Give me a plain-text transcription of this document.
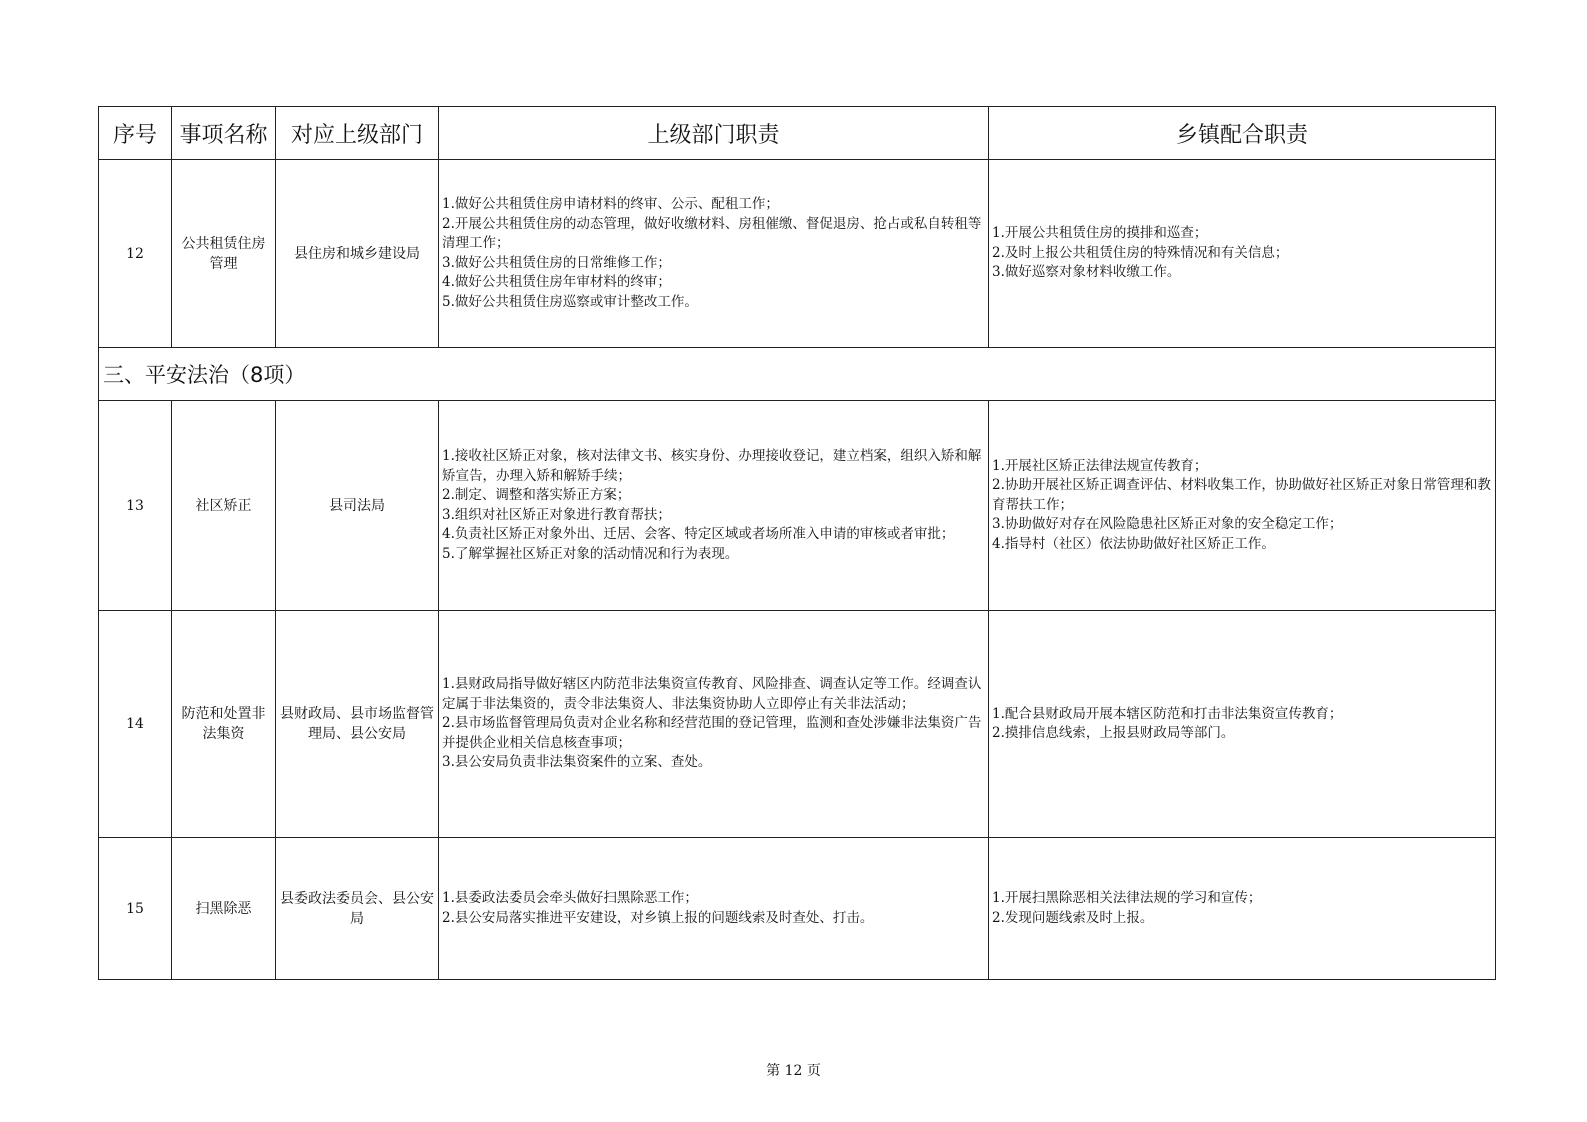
序号	事项名称	对应上级部门	上级部门职责	乡镇配合职责
12	公共租赁住房管理	县住房和城乡建设局	1.做好公共租赁住房申请材料的终审、公示、配租工作；
2.开展公共租赁住房的动态管理，做好收缴材料、房租催缴、督促退房、抢占或私自转租等清理工作；
3.做好公共租赁住房的日常维修工作；
4.做好公共租赁住房年审材料的终审；
5.做好公共租赁住房巡察或审计整改工作。	1.开展公共租赁住房的摸排和巡查；
2.及时上报公共租赁住房的特殊情况和有关信息；
3.做好巡察对象材料收缴工作。

三、平安法治（8项）				
13	社区矫正	县司法局	1.接收社区矫正对象，核对法律文书、核实身份、办理接收登记，建立档案，组织入矫和解矫宣告，办理入矫和解矫手续；
2.制定、调整和落实矫正方案；
3.组织对社区矫正对象进行教育帮扶；
4.负责社区矫正对象外出、迁居、会客、特定区域或者场所准入申请的审核或者审批；
5.了解掌握社区矫正对象的活动情况和行为表现。	1.开展社区矫正法律法规宣传教育；
2.协助开展社区矫正调查评估、材料收集工作，协助做好社区矫正对象日常管理和教育帮扶工作；
3.协助做好对存在风险隐患社区矫正对象的安全稳定工作；
4.指导村（社区）依法协助做好社区矫正工作。

14	防范和处置非法集资	县财政局、县市场监督管理局、县公安局	1.县财政局指导做好辖区内防范非法集资宣传教育、风险排查、调查认定等工作。经调查认定属于非法集资的，责令非法集资人、非法集资协助人立即停止有关非法活动；
2.县市场监督管理局负责对企业名称和经营范围的登记管理，监测和查处涉嫌非法集资广告并提供企业相关信息核查事项；
3.县公安局负责非法集资案件的立案、查处。	1.配合县财政局开展本辖区防范和打击非法集资宣传教育；
2.摸排信息线索，上报县财政局等部门。

15	扫黑除恶	县委政法委员会、县公安局	1.县委政法委员会牵头做好扫黑除恶工作；
2.县公安局落实推进平安建设，对乡镇上报的问题线索及时查处、打击。	1.开展扫黑除恶相关法律法规的学习和宣传；
2.发现问题线索及时上报。
第 12 页
